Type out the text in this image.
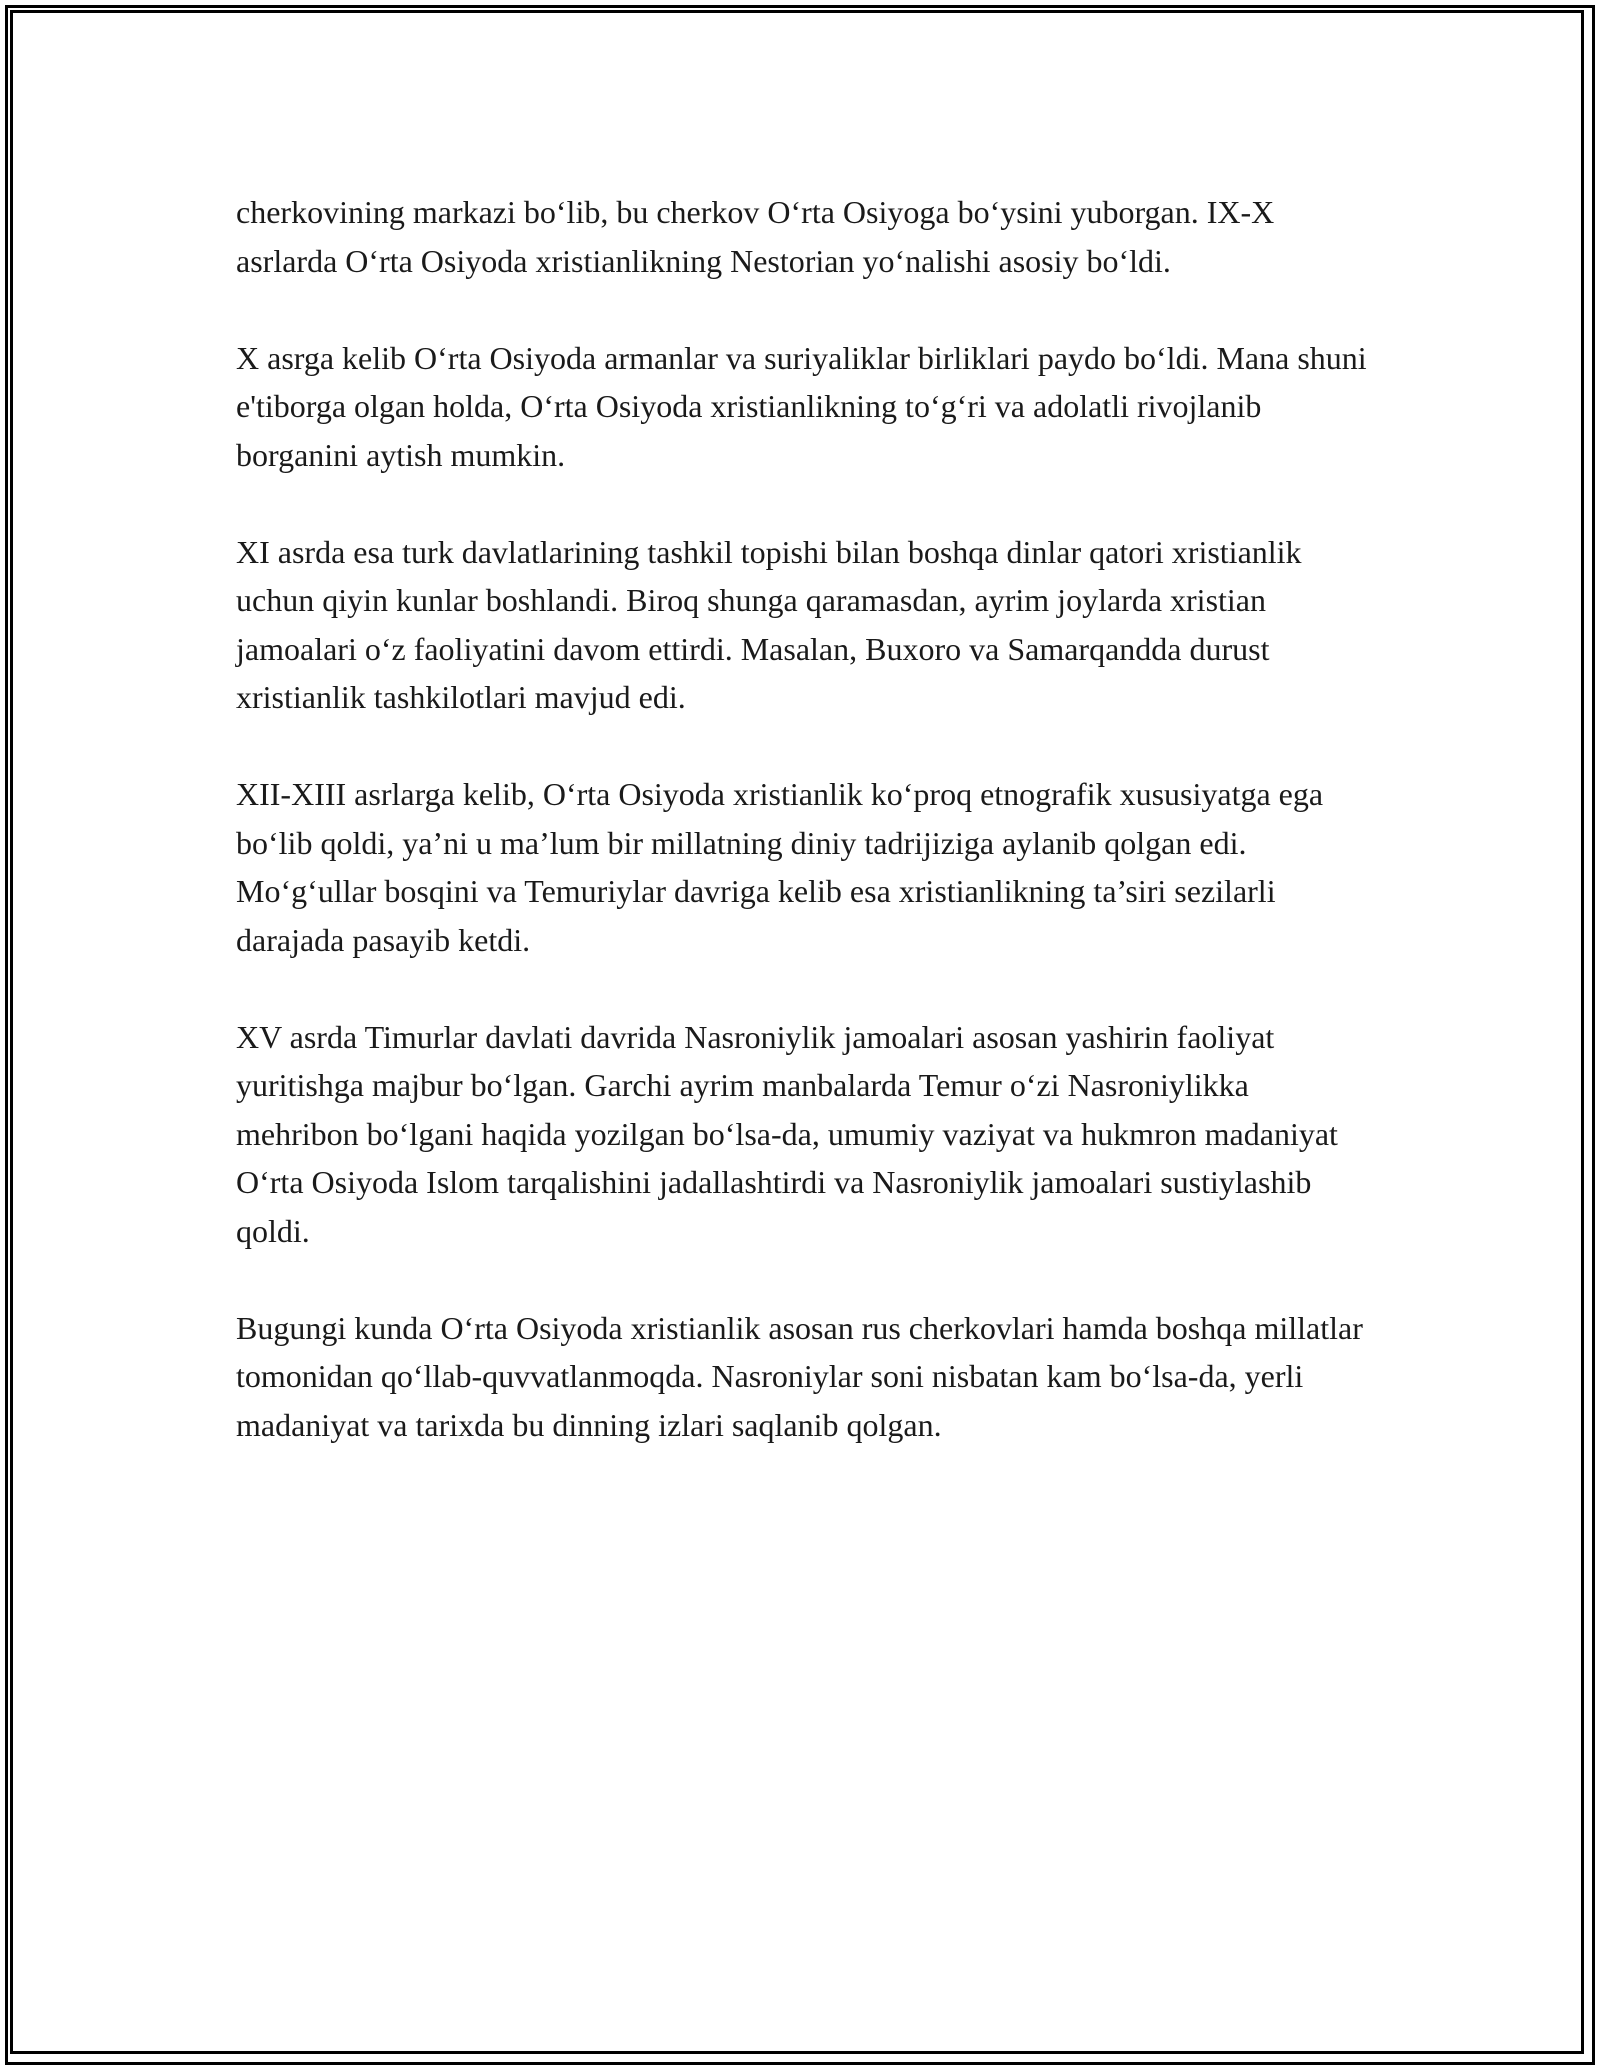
cherkovining markazi bo‘lib, bu cherkov O‘rta Osiyoga bo‘ysini yuborgan. IX-X asrlarda O‘rta Osiyoda xristianlikning Nestorian yo‘nalishi asosiy bo‘ldi.

X asrga kelib O‘rta Osiyoda armanlar va suriyaliklar birliklari paydo bo‘ldi. Mana shuni e'tiborga olgan holda, O‘rta Osiyoda xristianlikning to‘g‘ri va adolatli rivojlanib borganini aytish mumkin.

XI asrda esa turk davlatlarining tashkil topishi bilan boshqa dinlar qatori xristianlik uchun qiyin kunlar boshlandi. Biroq shunga qaramasdan, ayrim joylarda xristian jamoalari o‘z faoliyatini davom ettirdi. Masalan, Buxoro va Samarqandda durust xristianlik tashkilotlari mavjud edi.

XII-XIII asrlarga kelib, O‘rta Osiyoda xristianlik ko‘proq etnografik xususiyatga ega bo‘lib qoldi, ya’ni u ma’lum bir millatning diniy tadrijiziga aylanib qolgan edi. Mo‘g‘ullar bosqini va Temuriylar davriga kelib esa xristianlikning ta’siri sezilarli darajada pasayib ketdi.

XV asrda Timurlar davlati davrida Nasroniylik jamoalari asosan yashirin faoliyat yuritishga majbur bo‘lgan. Garchi ayrim manbalarda Temur o‘zi Nasroniylikka mehribon bo‘lgani haqida yozilgan bo‘lsa-da, umumiy vaziyat va hukmron madaniyat O‘rta Osiyoda Islom tarqalishini jadallashtirdi va Nasroniylik jamoalari sustiylashib qoldi.

Bugungi kunda O‘rta Osiyoda xristianlik asosan rus cherkovlari hamda boshqa millatlar tomonidan qo‘llab-quvvatlanmoqda. Nasroniylar soni nisbatan kam bo‘lsa-da, yerli madaniyat va tarixda bu dinning izlari saqlanib qolgan.
